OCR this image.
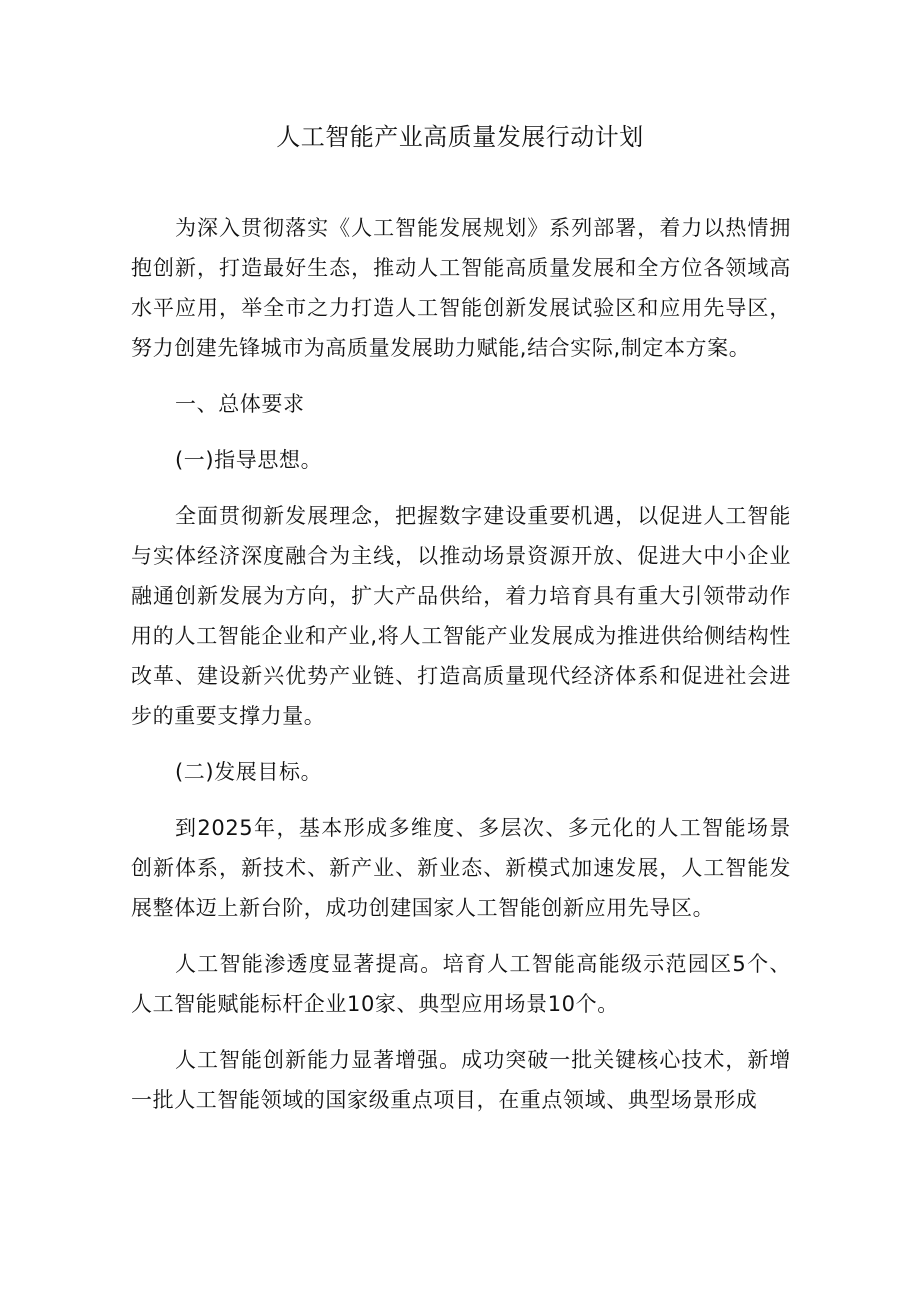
人工智能产业高质量发展行动计划

为深入贯彻落实《人工智能发展规划》系列部署，着力以热情拥抱创新，打造最好生态，推动人工智能高质量发展和全方位各领域高水平应用，举全市之力打造人工智能创新发展试验区和应用先导区，努力创建先锋城市为高质量发展助力赋能,结合实际,制定本方案。

一、总体要求

(一)指导思想。

全面贯彻新发展理念，把握数字建设重要机遇，以促进人工智能与实体经济深度融合为主线，以推动场景资源开放、促进大中小企业融通创新发展为方向，扩大产品供给，着力培育具有重大引领带动作用的人工智能企业和产业,将人工智能产业发展成为推进供给侧结构性改革、建设新兴优势产业链、打造高质量现代经济体系和促进社会进步的重要支撑力量。

(二)发展目标。

到2025年，基本形成多维度、多层次、多元化的人工智能场景创新体系，新技术、新产业、新业态、新模式加速发展，人工智能发展整体迈上新台阶，成功创建国家人工智能创新应用先导区。

人工智能渗透度显著提高。培育人工智能高能级示范园区5个、人工智能赋能标杆企业10家、典型应用场景10个。

人工智能创新能力显著增强。成功突破一批关键核心技术，新增一批人工智能领域的国家级重点项目，在重点领域、典型场景形成
